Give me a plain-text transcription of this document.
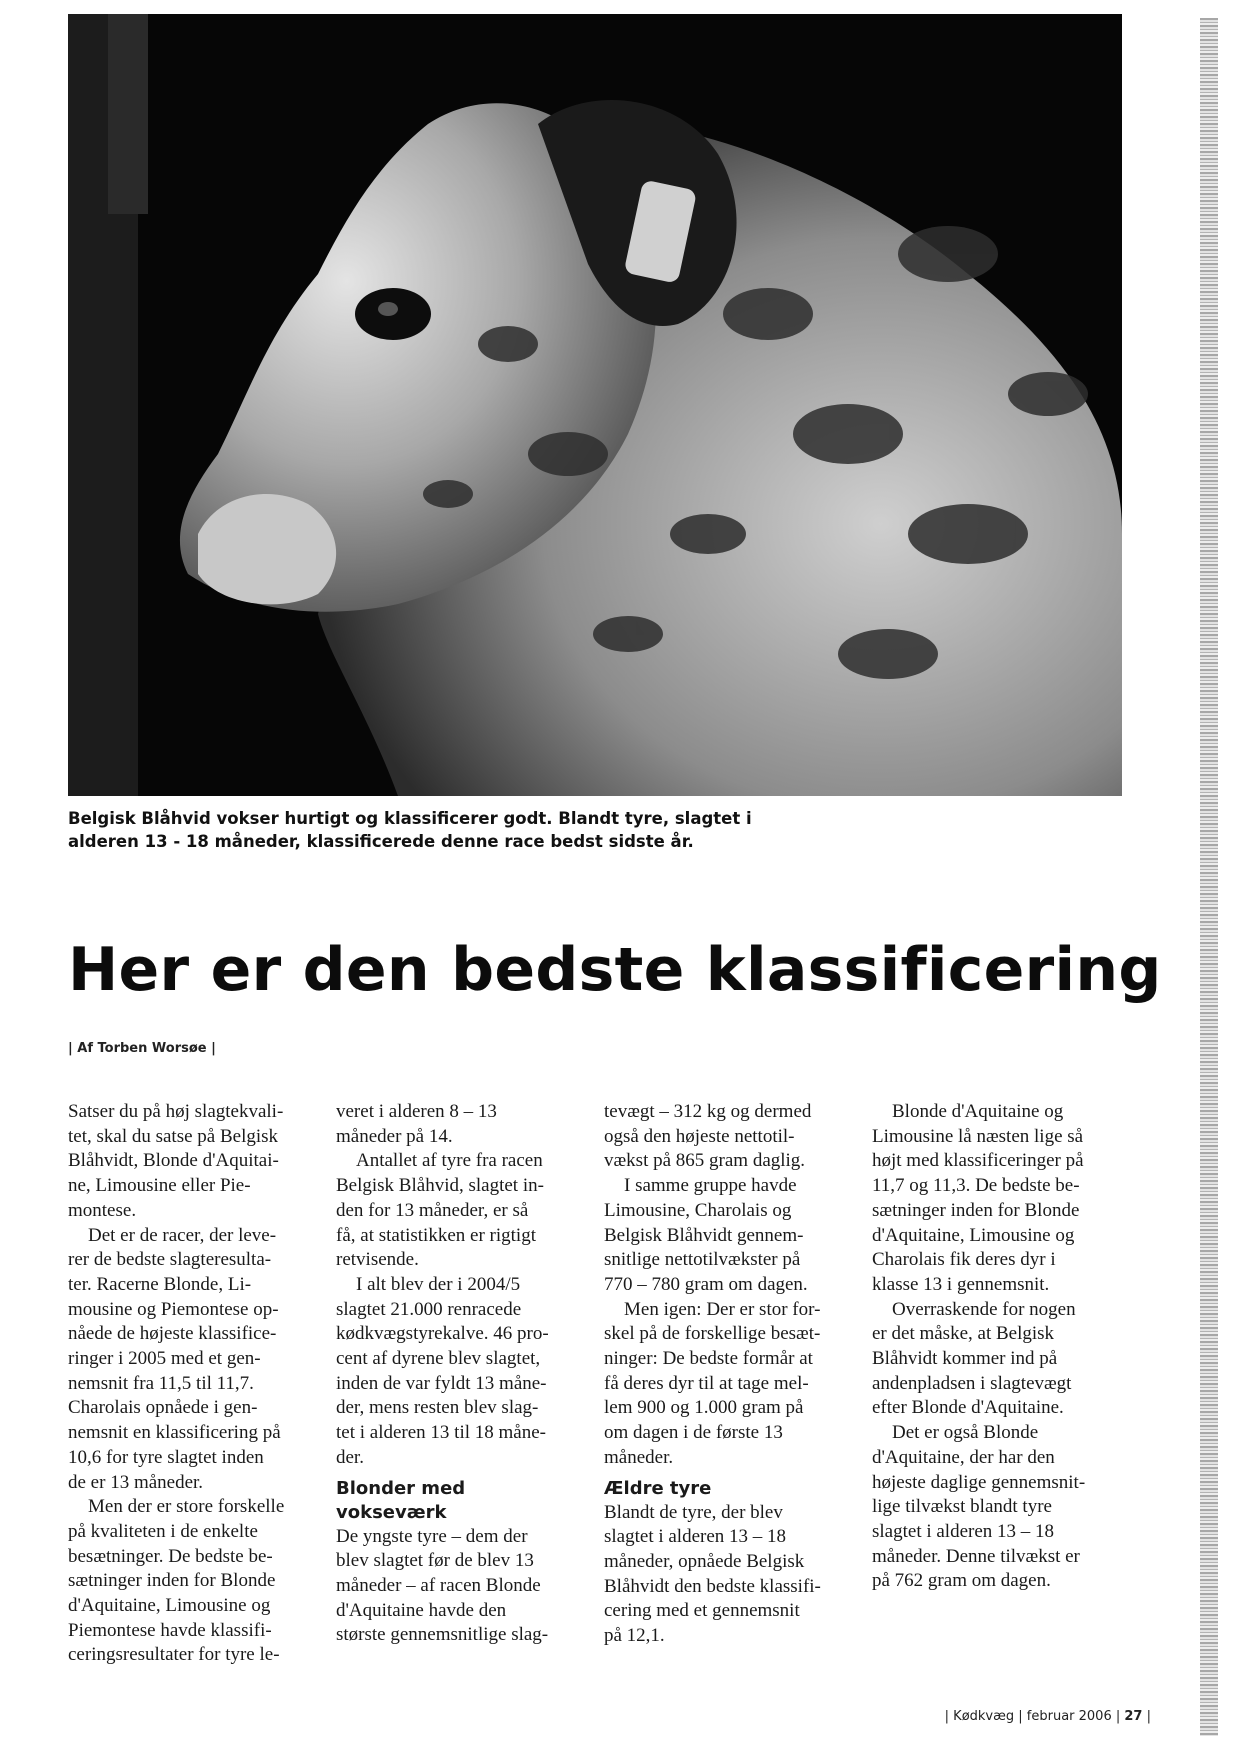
Belgisk Blåhvid vokser hurtigt og klassificerer godt. Blandt tyre, slagtet i

alderen 13 - 18 måneder, klassificerede denne race bedst sidste år.

Her er den bedste klassificering
| Af Torben Worsøe |
Satser du på høj slagtekvali-
tet, skal du satse på Belgisk
Blåhvidt, Blonde d'Aquitai-
ne, Limousine eller Pie-
montese.
Det er de racer, der leve-
rer de bedste slagteresulta-
ter. Racerne Blonde, Li-
mousine og Piemontese op-
nåede de højeste klassifice-
ringer i 2005 med et gen-
nemsnit fra 11,5 til 11,7.
Charolais opnåede i gen-
nemsnit en klassificering på
10,6 for tyre slagtet inden
de er 13 måneder.
Men der er store forskelle
på kvaliteten i de enkelte
besætninger. De bedste be-
sætninger inden for Blonde
d'Aquitaine, Limousine og
Piemontese havde klassifi-
ceringsresultater for tyre le-
veret i alderen 8 – 13
måneder på 14.
Antallet af tyre fra racen
Belgisk Blåhvid, slagtet in-
den for 13 måneder, er så
få, at statistikken er rigtigt
retvisende.
I alt blev der i 2004/5
slagtet 21.000 renracede
kødkvægstyrekalve. 46 pro-
cent af dyrene blev slagtet,
inden de var fyldt 13 måne-
der, mens resten blev slag-
tet i alderen 13 til 18 måne-
der.
Blonder med
vokseværk
De yngste tyre – dem der
blev slagtet før de blev 13
måneder – af racen Blonde
d'Aquitaine havde den
største gennemsnitlige slag-
tevægt – 312 kg og dermed
også den højeste nettotil-
vækst på 865 gram daglig.
I samme gruppe havde
Limousine, Charolais og
Belgisk Blåhvidt gennem-
snitlige nettotilvækster på
770 – 780 gram om dagen.
Men igen: Der er stor for-
skel på de forskellige besæt-
ninger: De bedste formår at
få deres dyr til at tage mel-
lem 900 og 1.000 gram på
om dagen i de første 13
måneder.
Ældre tyre
Blandt de tyre, der blev
slagtet i alderen 13 – 18
måneder, opnåede Belgisk
Blåhvidt den bedste klassifi-
cering med et gennemsnit
på 12,1.
Blonde d'Aquitaine og
Limousine lå næsten lige så
højt med klassificeringer på
11,7 og 11,3. De bedste be-
sætninger inden for Blonde
d'Aquitaine, Limousine og
Charolais fik deres dyr i
klasse 13 i gennemsnit.
Overraskende for nogen
er det måske, at Belgisk
Blåhvidt kommer ind på
andenpladsen i slagtevægt
efter Blonde d'Aquitaine.
Det er også Blonde
d'Aquitaine, der har den
højeste daglige gennemsnit-
lige tilvækst blandt tyre
slagtet i alderen 13 – 18
måneder. Denne tilvækst er
på 762 gram om dagen.
| Kødkvæg | februar 2006 | 27 |
